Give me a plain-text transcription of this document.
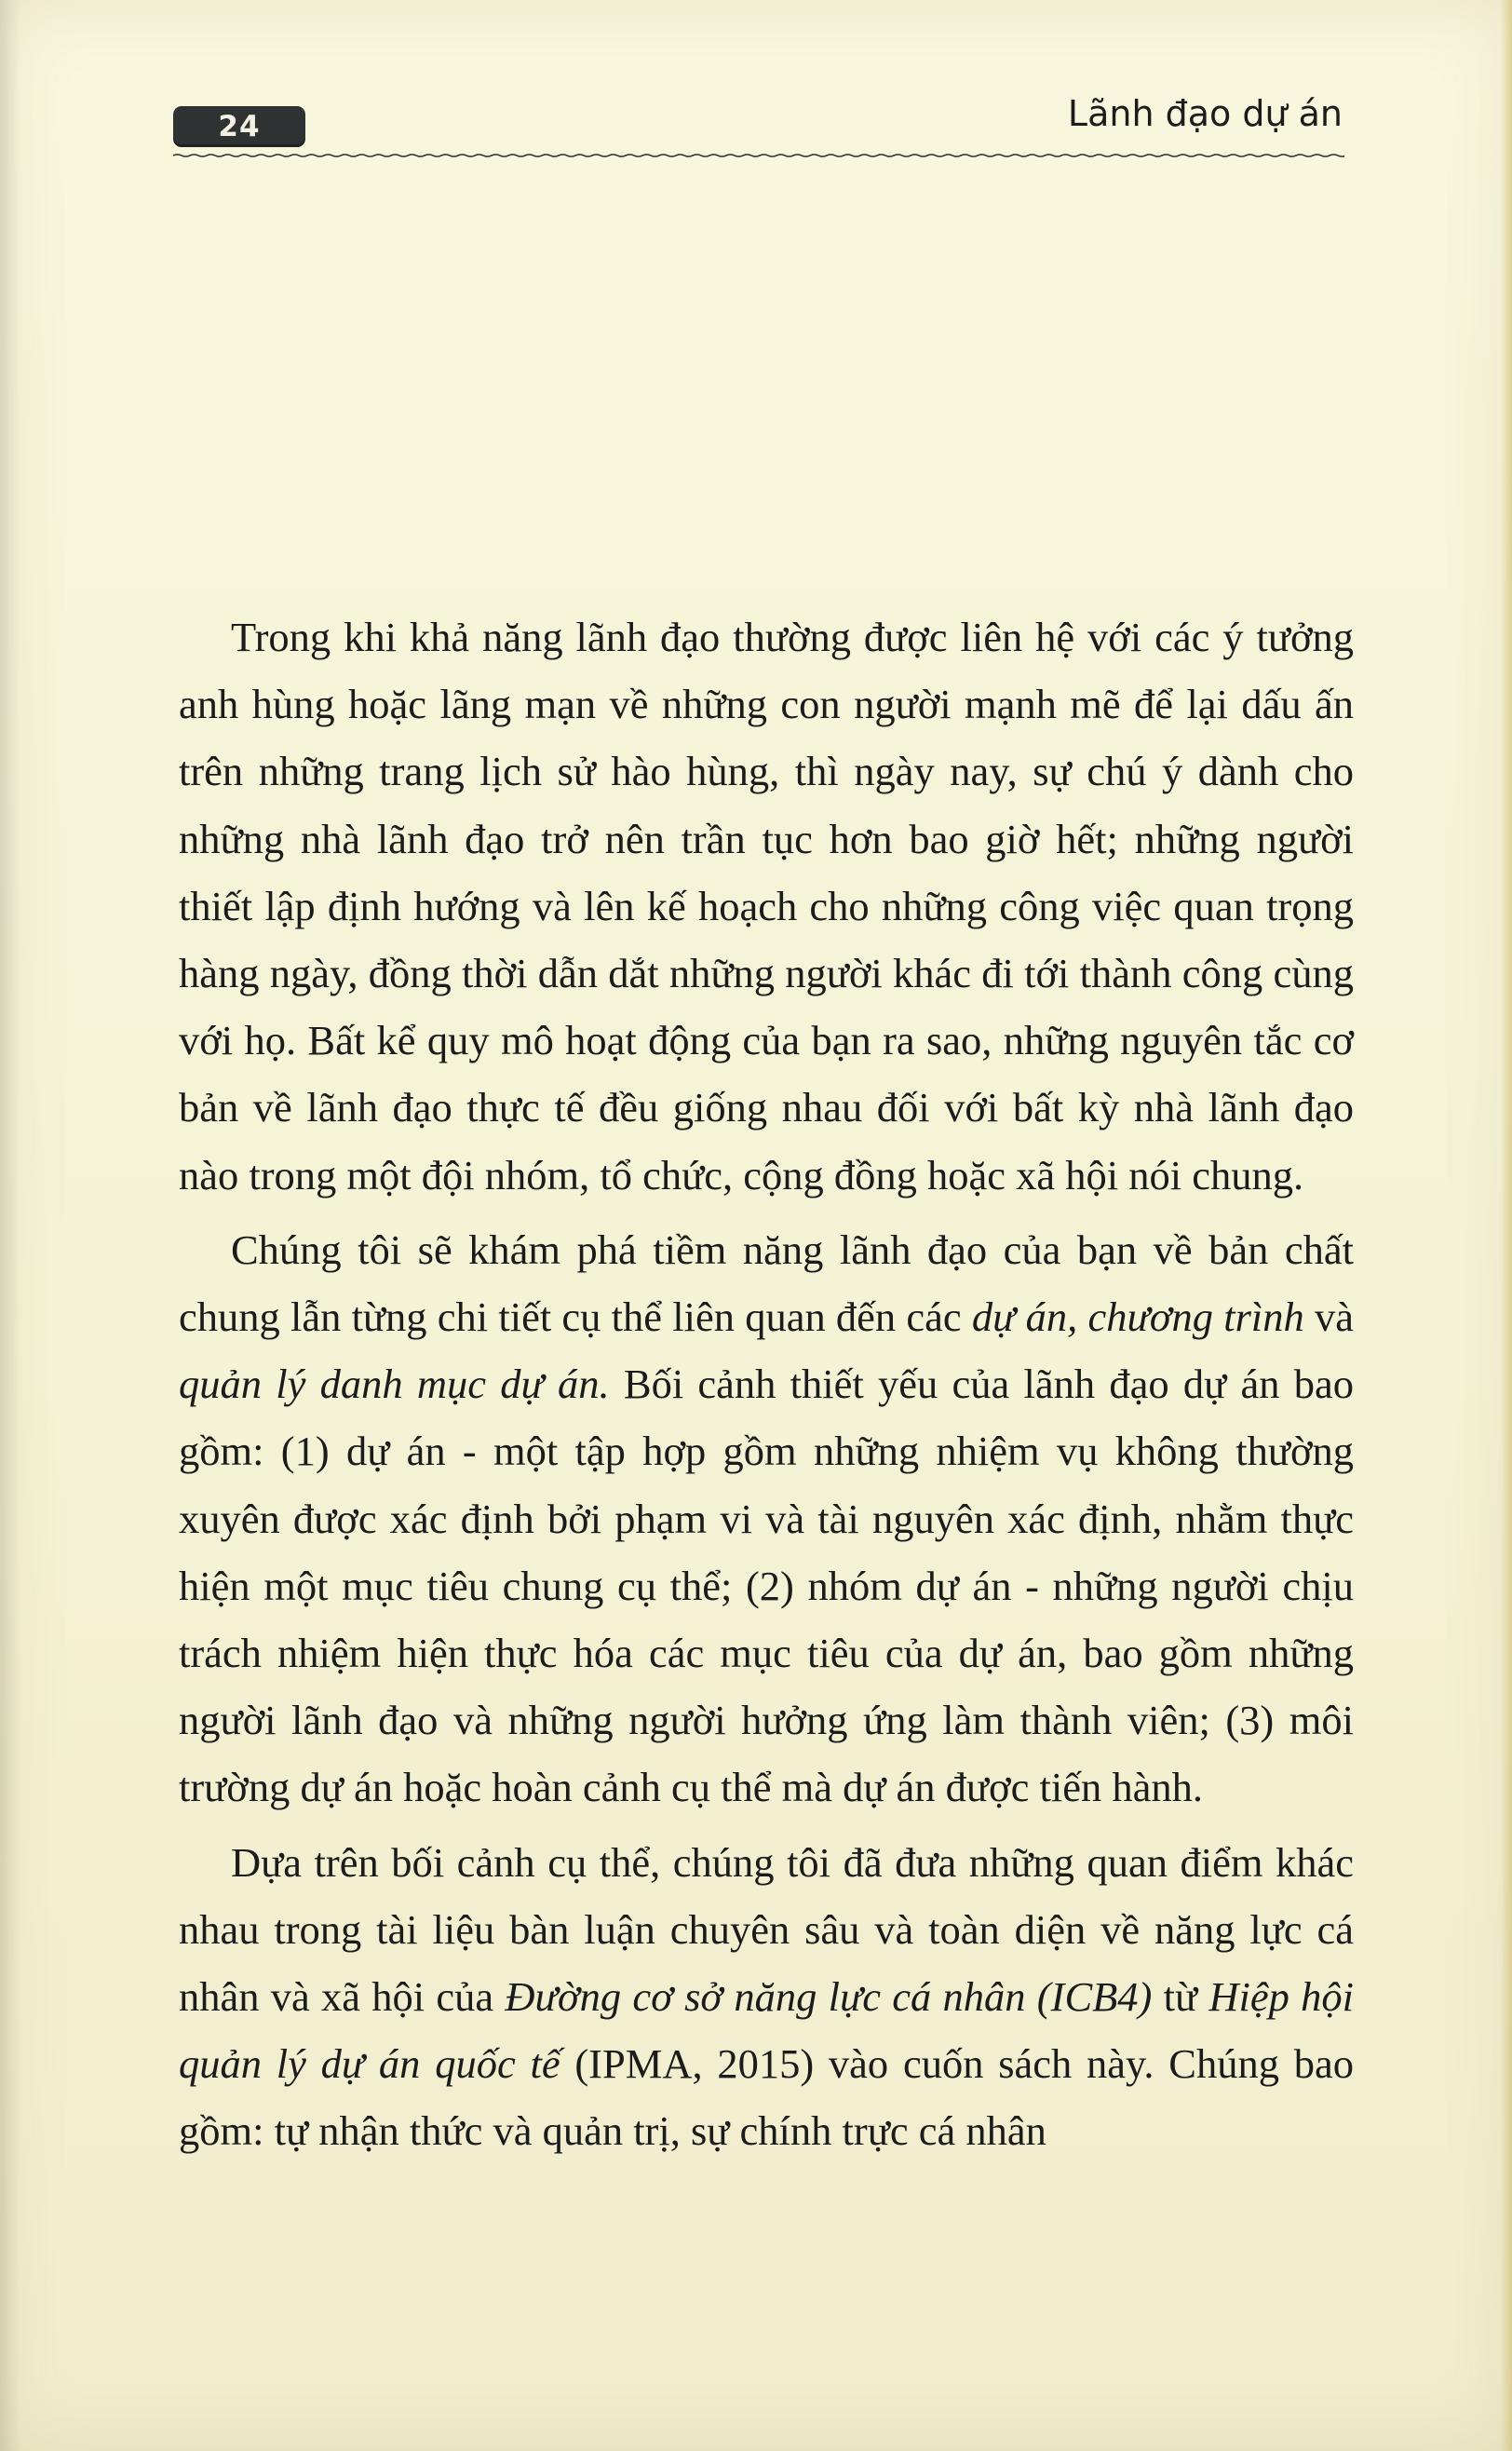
24	Lãnh đạo dự án

Trong khi khả năng lãnh đạo thường được liên hệ với các ý tưởng anh hùng hoặc lãng mạn về những con người mạnh mẽ để lại dấu ấn trên những trang lịch sử hào hùng, thì ngày nay, sự chú ý dành cho những nhà lãnh đạo trở nên trần tục hơn bao giờ hết; những người thiết lập định hướng và lên kế hoạch cho những công việc quan trọng hàng ngày, đồng thời dẫn dắt những người khác đi tới thành công cùng với họ. Bất kể quy mô hoạt động của bạn ra sao, những nguyên tắc cơ bản về lãnh đạo thực tế đều giống nhau đối với bất kỳ nhà lãnh đạo nào trong một đội nhóm, tổ chức, cộng đồng hoặc xã hội nói chung.

Chúng tôi sẽ khám phá tiềm năng lãnh đạo của bạn về bản chất chung lẫn từng chi tiết cụ thể liên quan đến các dự án, chương trình và quản lý danh mục dự án. Bối cảnh thiết yếu của lãnh đạo dự án bao gồm: (1) dự án - một tập hợp gồm những nhiệm vụ không thường xuyên được xác định bởi phạm vi và tài nguyên xác định, nhằm thực hiện một mục tiêu chung cụ thể; (2) nhóm dự án - những người chịu trách nhiệm hiện thực hóa các mục tiêu của dự án, bao gồm những người lãnh đạo và những người hưởng ứng làm thành viên; (3) môi trường dự án hoặc hoàn cảnh cụ thể mà dự án được tiến hành.

Dựa trên bối cảnh cụ thể, chúng tôi đã đưa những quan điểm khác nhau trong tài liệu bàn luận chuyên sâu và toàn diện về năng lực cá nhân và xã hội của Đường cơ sở năng lực cá nhân (ICB4) từ Hiệp hội quản lý dự án quốc tế (IPMA, 2015) vào cuốn sách này. Chúng bao gồm: tự nhận thức và quản trị, sự chính trực cá nhân
